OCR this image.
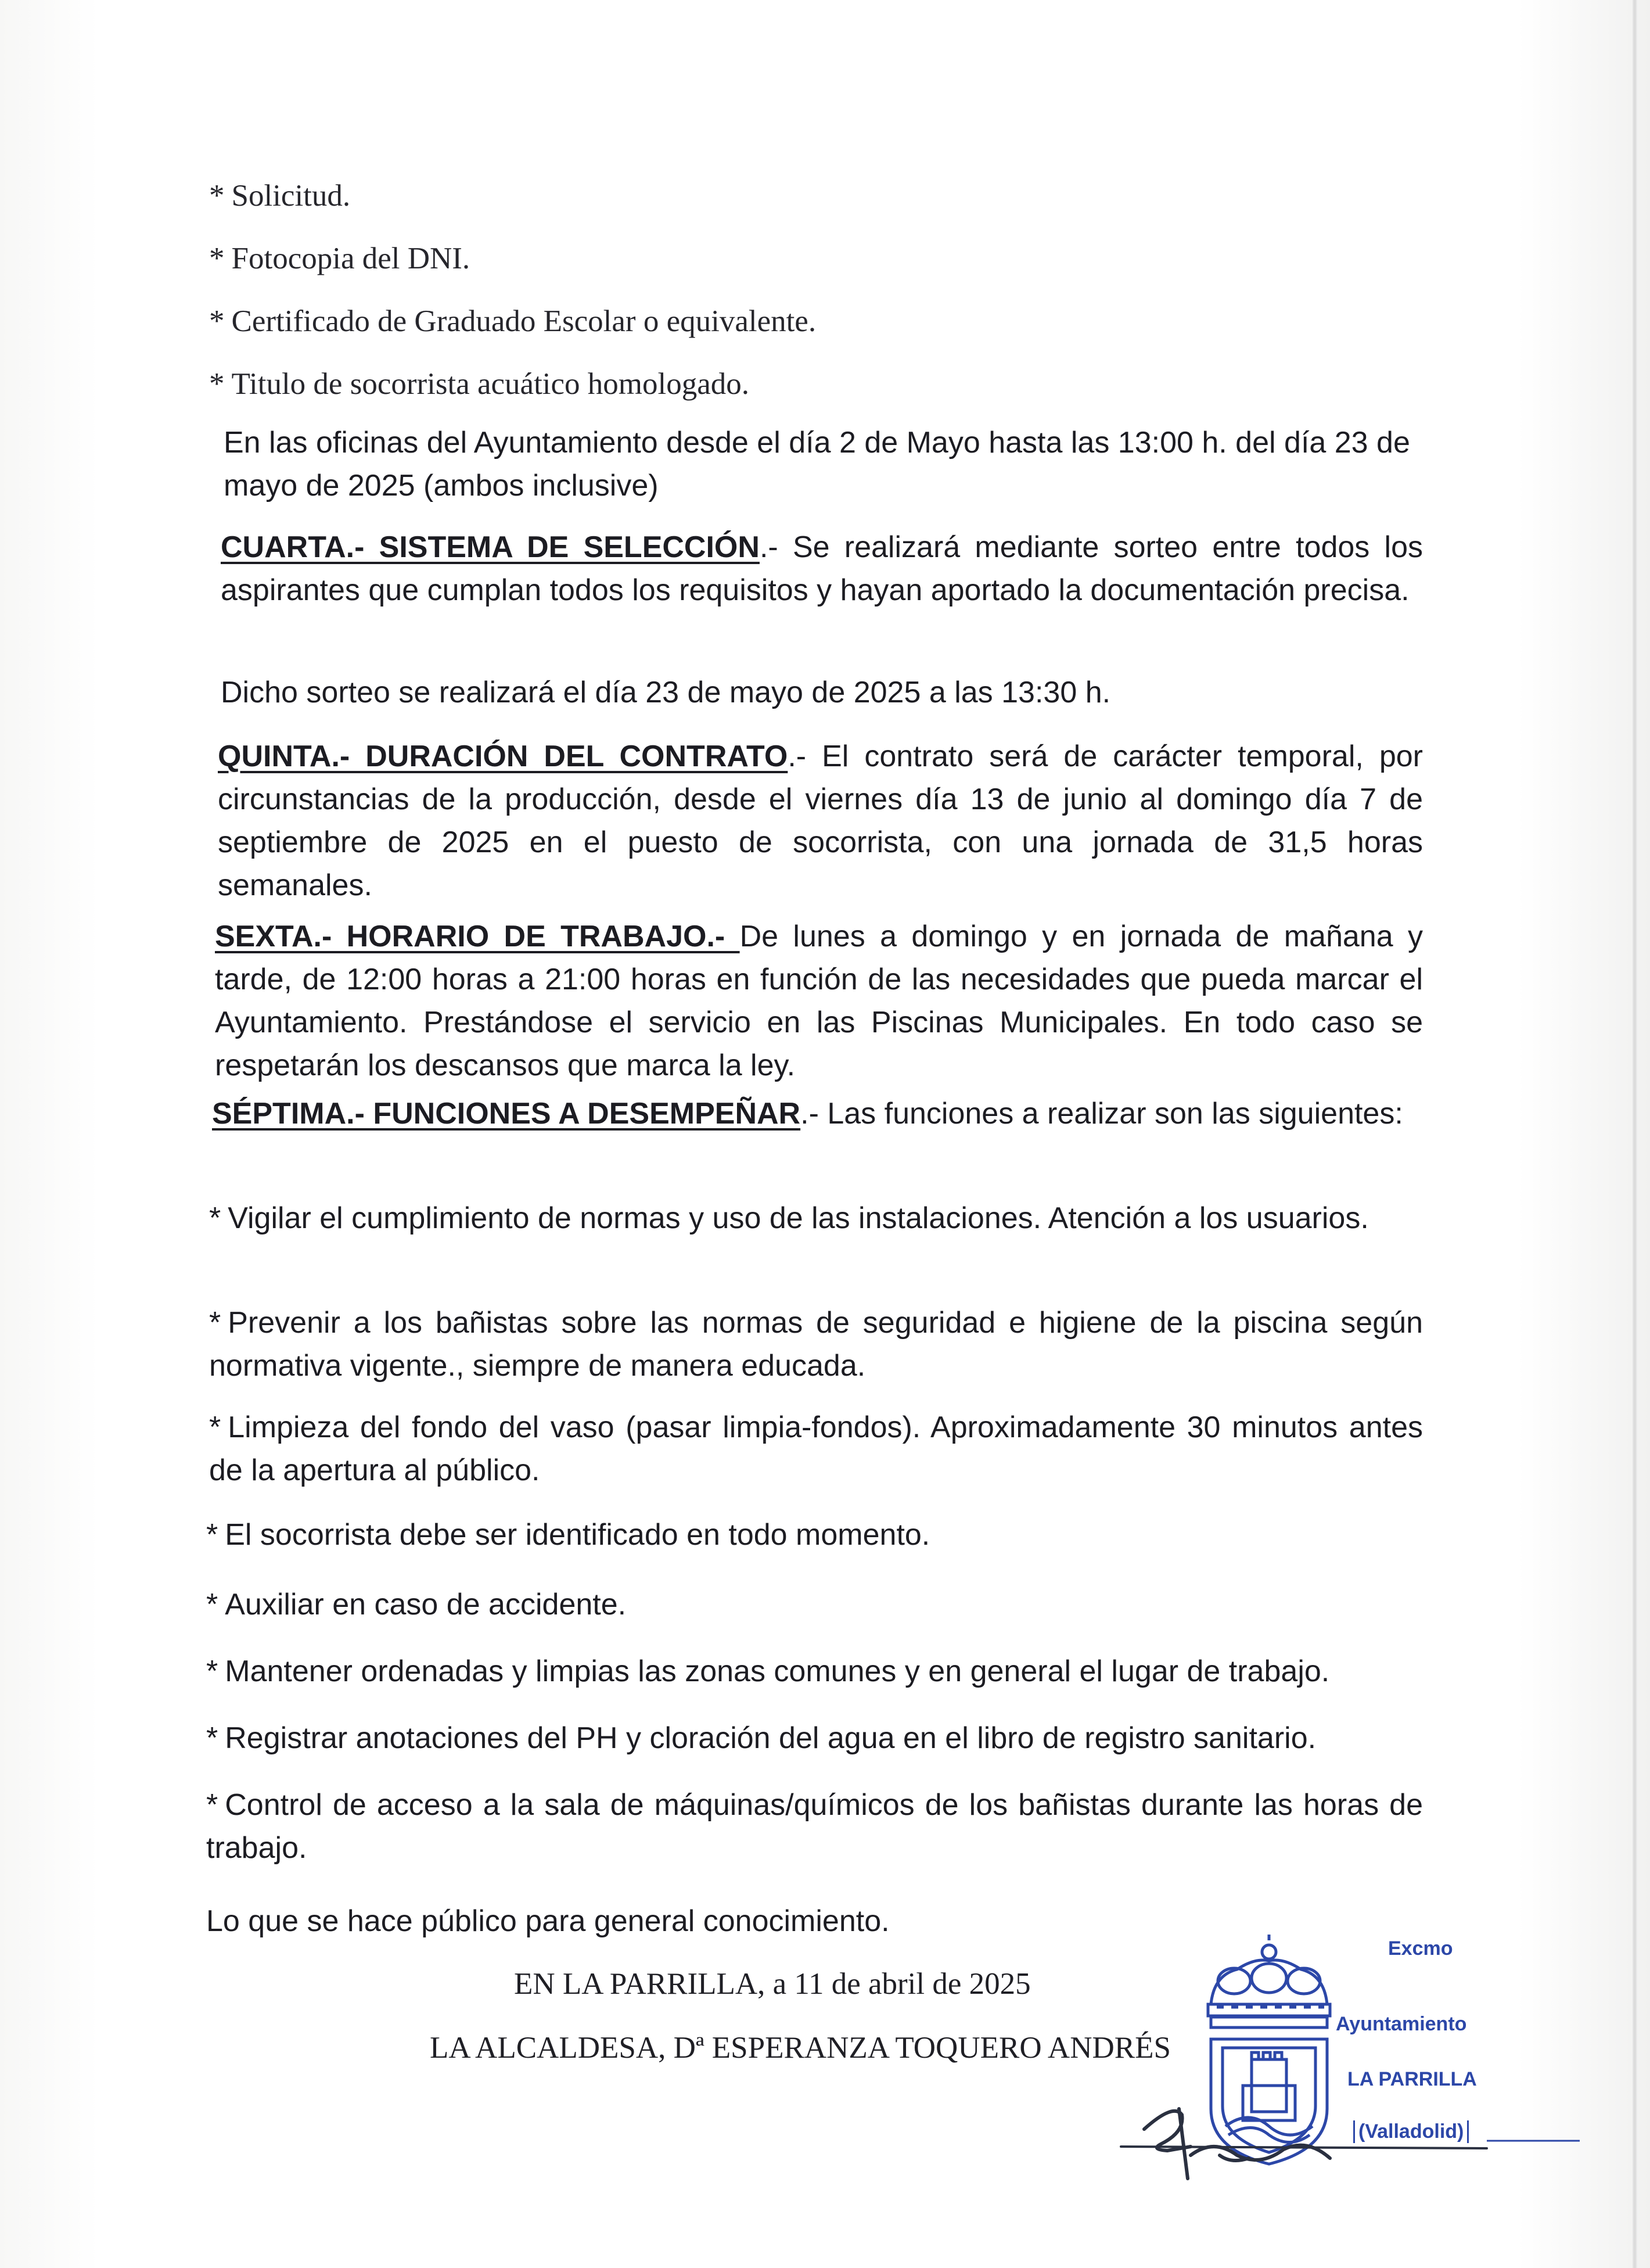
* Solicitud.

* Fotocopia del DNI.

* Certificado de Graduado Escolar o equivalente.

* Titulo de socorrista acuático homologado.

En las oficinas del Ayuntamiento desde el día 2 de Mayo hasta las 13:00 h. del día 23 de mayo de 2025 (ambos inclusive)

CUARTA.- SISTEMA DE SELECCIÓN.- Se realizará mediante sorteo entre todos los aspirantes que cumplan todos los requisitos y hayan aportado la documentación precisa.

Dicho sorteo se realizará el día 23 de mayo de 2025 a las 13:30 h.

QUINTA.- DURACIÓN DEL CONTRATO.- El contrato será de carácter temporal, por circunstancias de la producción, desde el viernes día 13 de junio al domingo día 7 de septiembre de 2025 en el puesto de socorrista, con una jornada de 31,5 horas semanales.

SEXTA.- HORARIO DE TRABAJO.- De lunes a domingo y en jornada de mañana y tarde, de 12:00 horas a 21:00 horas en función de las necesidades que pueda marcar el Ayuntamiento. Prestándose el servicio en las Piscinas Municipales. En todo caso se respetarán los descansos que marca la ley.

SÉPTIMA.- FUNCIONES A DESEMPEÑAR.- Las funciones a realizar son las siguientes:

* Vigilar el cumplimiento de normas y uso de las instalaciones. Atención a los usuarios.

* Prevenir a los bañistas sobre las normas de seguridad e higiene de la piscina según normativa vigente., siempre de manera educada.

* Limpieza del fondo del vaso (pasar limpia-fondos). Aproximadamente 30 minutos antes de la apertura al público.

* El socorrista debe ser identificado en todo momento.

* Auxiliar en caso de accidente.

* Mantener ordenadas y limpias las zonas comunes y en general el lugar de trabajo.

* Registrar anotaciones del PH y cloración del agua en el libro de registro sanitario.

* Control de acceso a la sala de máquinas/químicos de los bañistas durante las horas de trabajo.

Lo que se hace público para general conocimiento.

EN LA PARRILLA, a 11 de abril de 2025
LA ALCALDESA, Dª ESPERANZA TOQUERO ANDRÉS
Excmo
Ayuntamiento
LA PARRILLA
(Valladolid)
